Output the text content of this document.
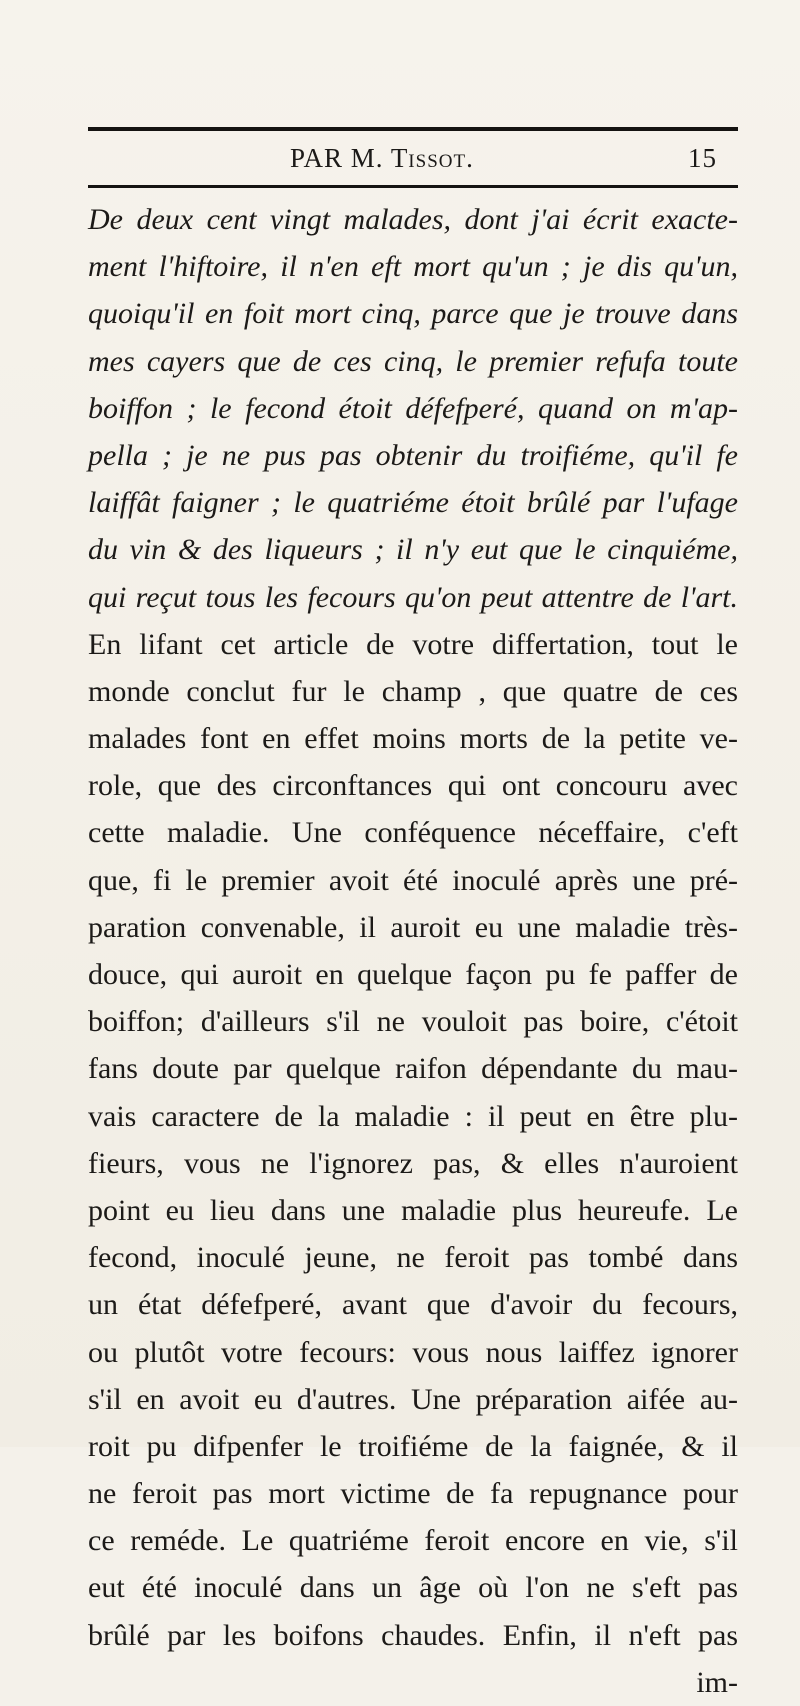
PAR M. Tissot.	15
De deux cent vingt malades, dont j'ai écrit exacte-
ment l'hiftoire, il n'en eft mort qu'un ; je dis qu'un,
quoiqu'il en foit mort cinq, parce que je trouve dans
mes cayers que de ces cinq, le premier refufa toute
boiffon ; le fecond étoit défefperé, quand on m'ap-
pella ; je ne pus pas obtenir du troifiéme, qu'il fe
laiffât faigner ; le quatriéme étoit brûlé par l'ufage
du vin & des liqueurs ; il n'y eut que le cinquiéme,
qui reçut tous les fecours qu'on peut attentre de l'art.
En lifant cet article de votre differtation, tout le
monde conclut fur le champ , que quatre de ces
malades font en effet moins morts de la petite ve-
role, que des circonftances qui ont concouru avec
cette maladie. Une conféquence néceffaire, c'eft
que, fi le premier avoit été inoculé après une pré-
paration convenable, il auroit eu une maladie très-
douce, qui auroit en quelque façon pu fe paffer de
boiffon; d'ailleurs s'il ne vouloit pas boire, c'étoit
fans doute par quelque raifon dépendante du mau-
vais caractere de la maladie : il peut en être plu-
fieurs, vous ne l'ignorez pas, & elles n'auroient
point eu lieu dans une maladie plus heureufe. Le
fecond, inoculé jeune, ne feroit pas tombé dans
un état défefperé, avant que d'avoir du fecours,
ou plutôt votre fecours: vous nous laiffez ignorer
s'il en avoit eu d'autres. Une préparation aifée au-
roit pu difpenfer le troifiéme de la faignée, & il
ne feroit pas mort victime de fa repugnance pour
ce reméde. Le quatriéme feroit encore en vie, s'il
eut été inoculé dans un âge où l'on ne s'eft pas
brûlé par les boifons chaudes. Enfin, il n'eft pas
im-
